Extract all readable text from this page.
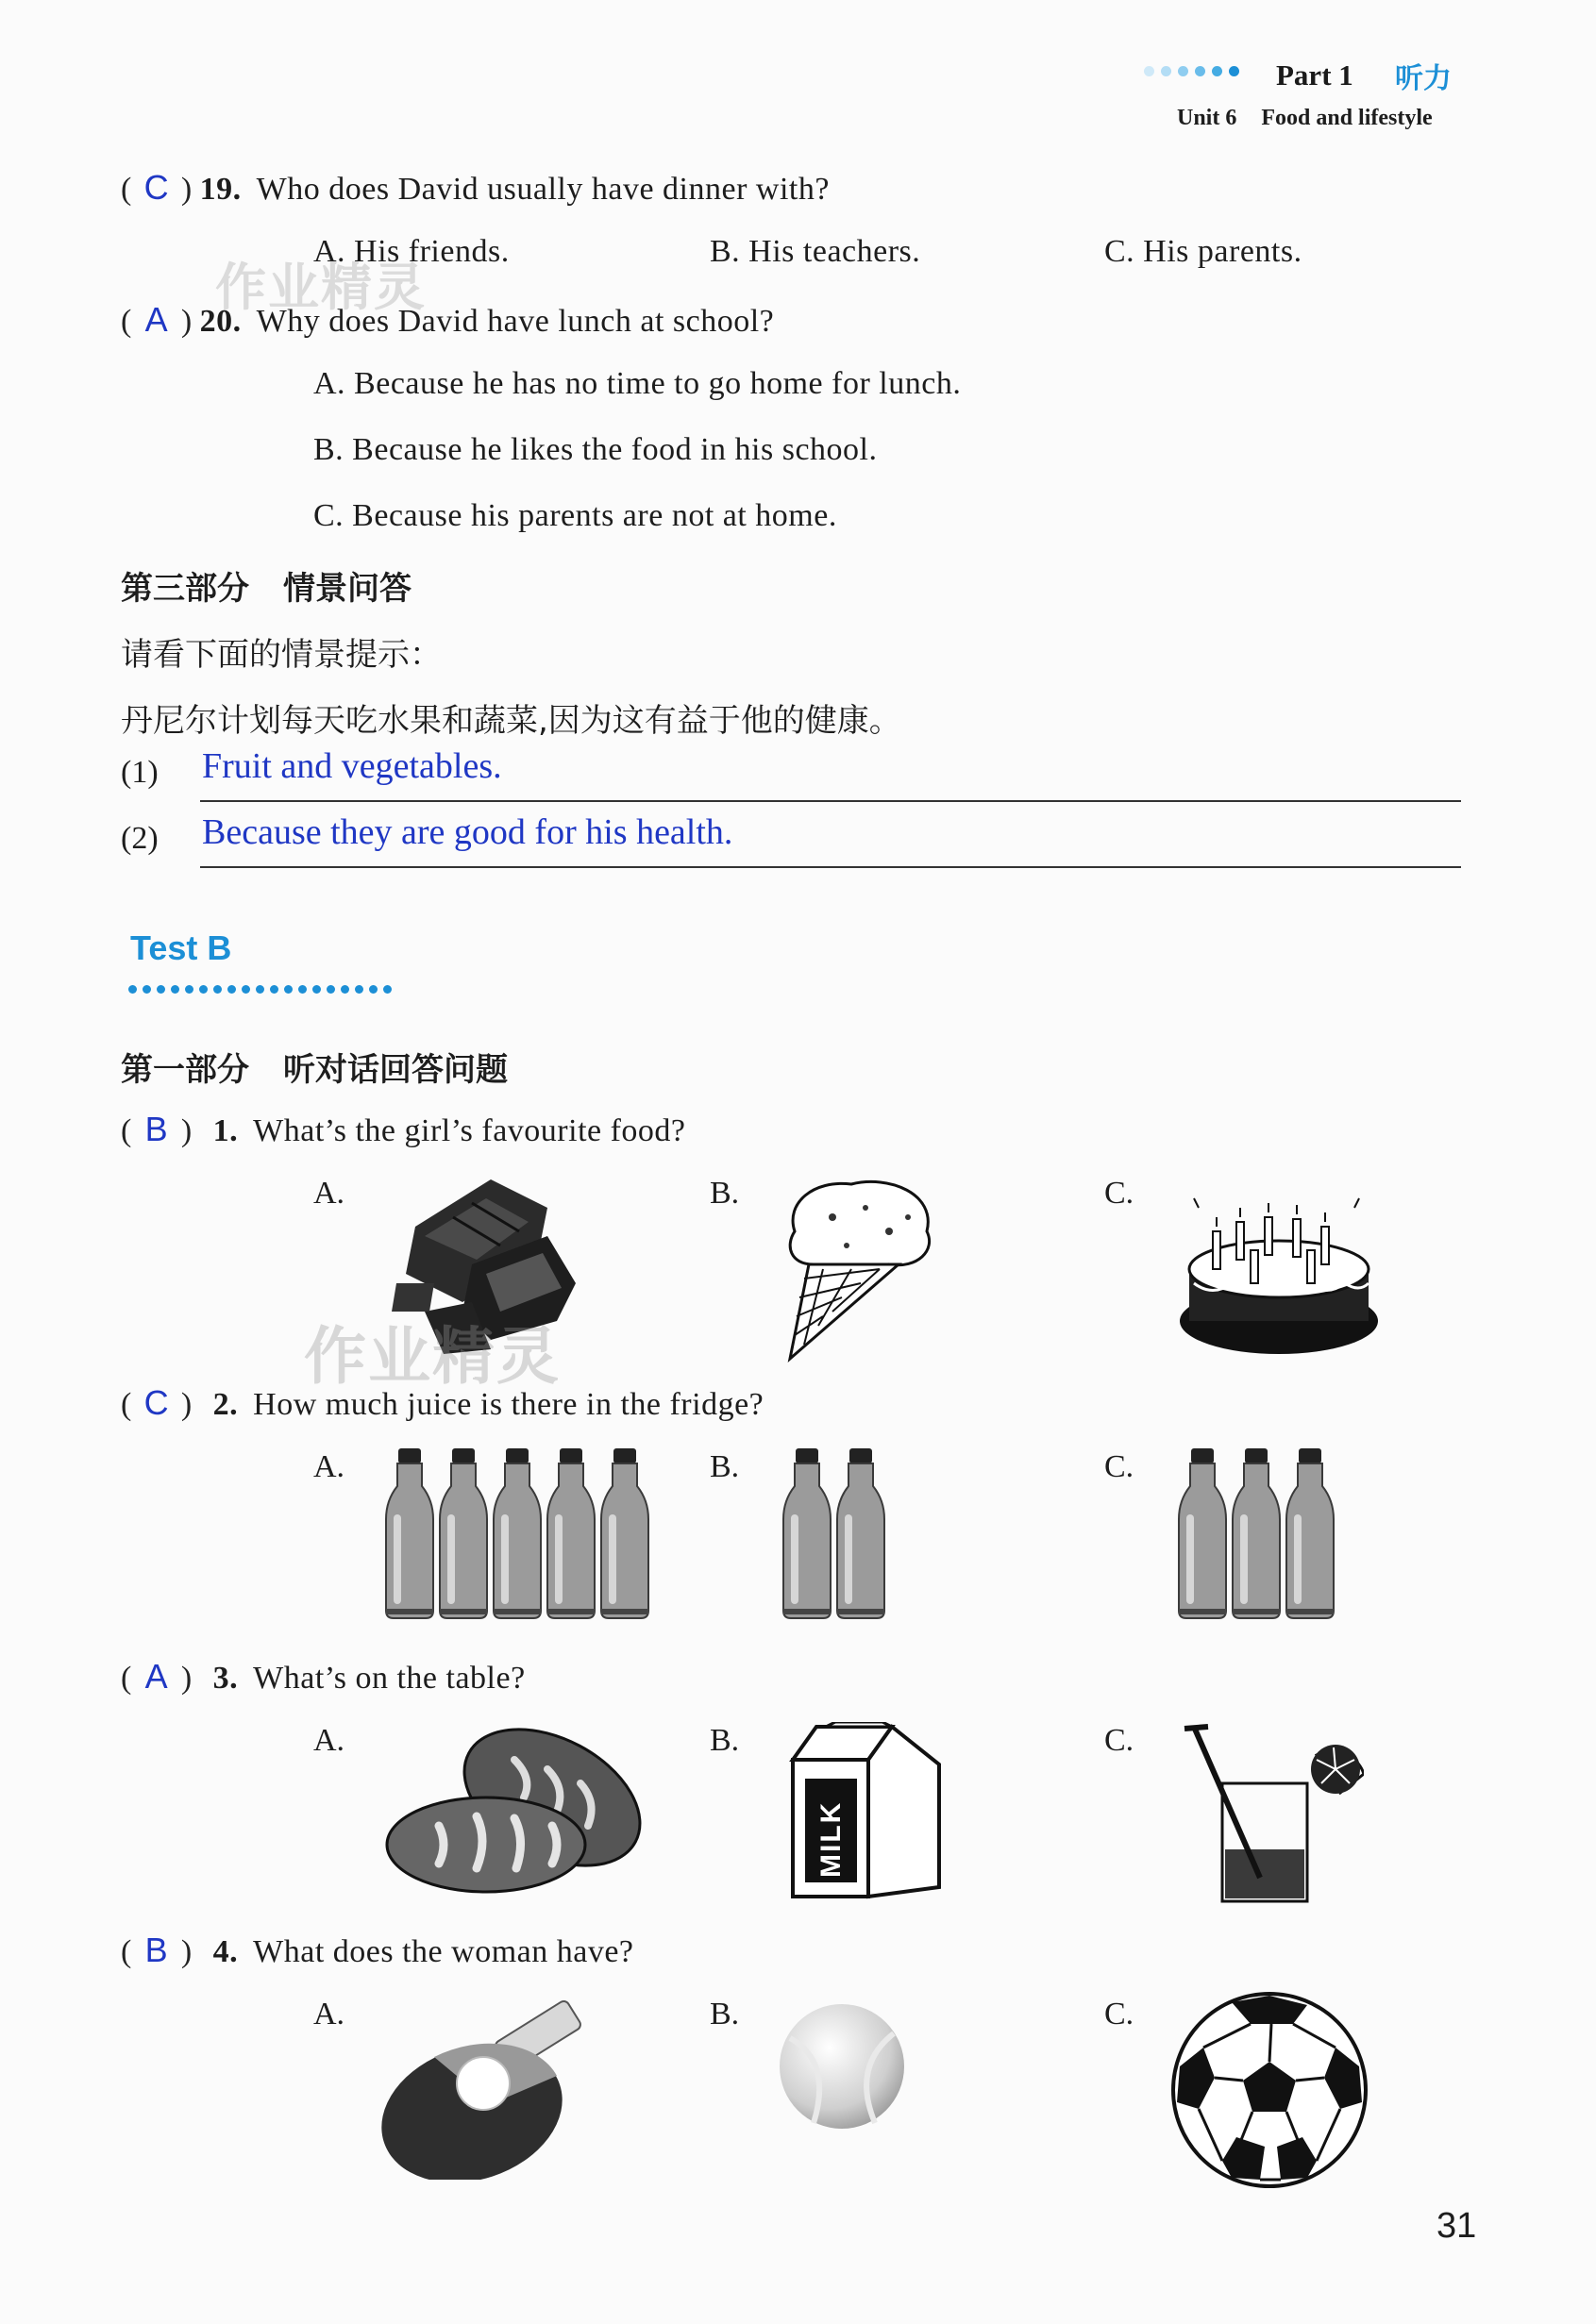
Part 1 听力
Unit 6 Food and lifestyle
( C ) 19. Who does David usually have dinner with?
A. His friends.	B. His teachers.	C. His parents.
( A ) 20. Why does David have lunch at school?
A. Because he has no time to go home for lunch.
B. Because he likes the food in his school.
C. Because his parents are not at home.
作业精灵
第三部分 情景问答
请看下面的情景提示：
丹尼尔计划每天吃水果和蔬菜,因为这有益于他的健康。
(1) Fruit and vegetables.
(2) Because they are good for his health.
Test B
第一部分 听对话回答问题
( B ) 1. What’s the girl’s favourite food?
A.	B.	C.
作业精灵
( C ) 2. How much juice is there in the fridge?
A.	B.	C.
( A ) 3. What’s on the table?
A.	B.	C.
MILK
( B ) 4. What does the woman have?
A.	B.	C.
31
